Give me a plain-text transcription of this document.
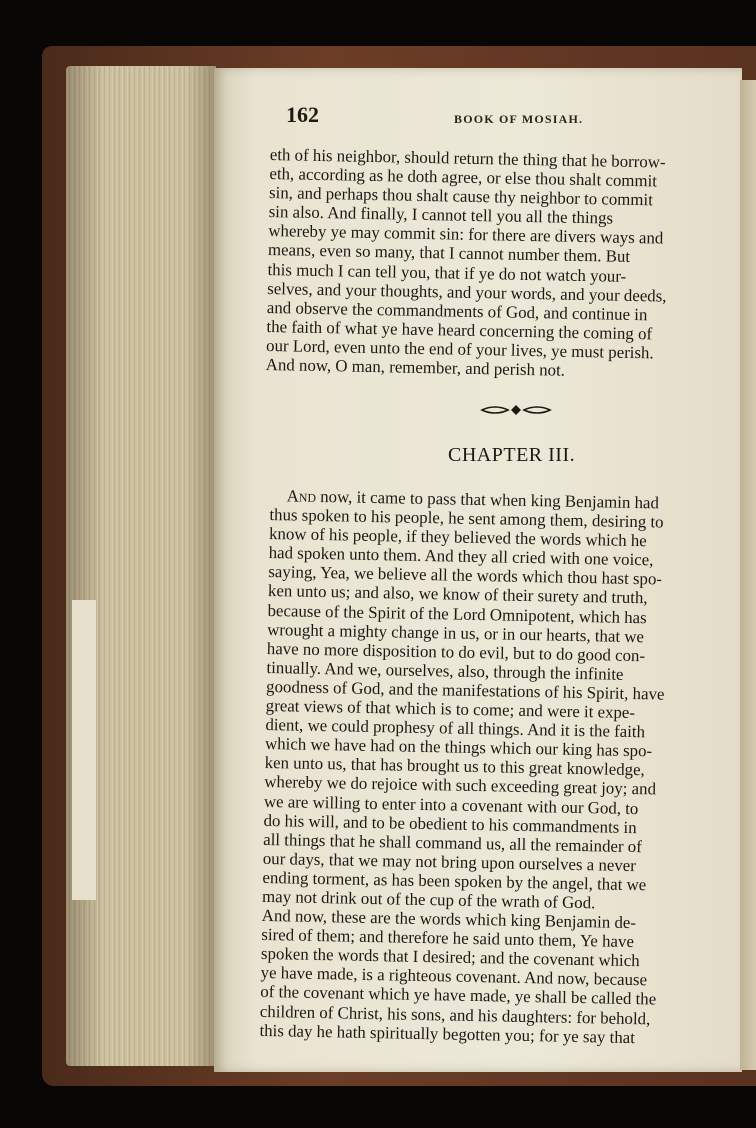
162	BOOK OF MOSIAH.
eth of his neighbor, should return the thing that he borrow-
eth, according as he doth agree, or else thou shalt commit
sin, and perhaps thou shalt cause thy neighbor to commit
sin also. And finally, I cannot tell you all the things
whereby ye may commit sin: for there are divers ways and
means, even so many, that I cannot number them. But
this much I can tell you, that if ye do not watch your-
selves, and your thoughts, and your words, and your deeds,
and observe the commandments of God, and continue in
the faith of what ye have heard concerning the coming of
our Lord, even unto the end of your lives, ye must perish.
And now, O man, remember, and perish not.
CHAPTER III.
 And now, it came to pass that when king Benjamin had
thus spoken to his people, he sent among them, desiring to
know of his people, if they believed the words which he
had spoken unto them. And they all cried with one voice,
saying, Yea, we believe all the words which thou hast spo-
ken unto us; and also, we know of their surety and truth,
because of the Spirit of the Lord Omnipotent, which has
wrought a mighty change in us, or in our hearts, that we
have no more disposition to do evil, but to do good con-
tinually. And we, ourselves, also, through the infinite
goodness of God, and the manifestations of his Spirit, have
great views of that which is to come; and were it expe-
dient, we could prophesy of all things. And it is the faith
which we have had on the things which our king has spo-
ken unto us, that has brought us to this great knowledge,
whereby we do rejoice with such exceeding great joy; and
we are willing to enter into a covenant with our God, to
do his will, and to be obedient to his commandments in
all things that he shall command us, all the remainder of
our days, that we may not bring upon ourselves a never
ending torment, as has been spoken by the angel, that we
may not drink out of the cup of the wrath of God.
And now, these are the words which king Benjamin de-
sired of them; and therefore he said unto them, Ye have
spoken the words that I desired; and the covenant which
ye have made, is a righteous covenant. And now, because
of the covenant which ye have made, ye shall be called the
children of Christ, his sons, and his daughters: for behold,
this day he hath spiritually begotten you; for ye say that
